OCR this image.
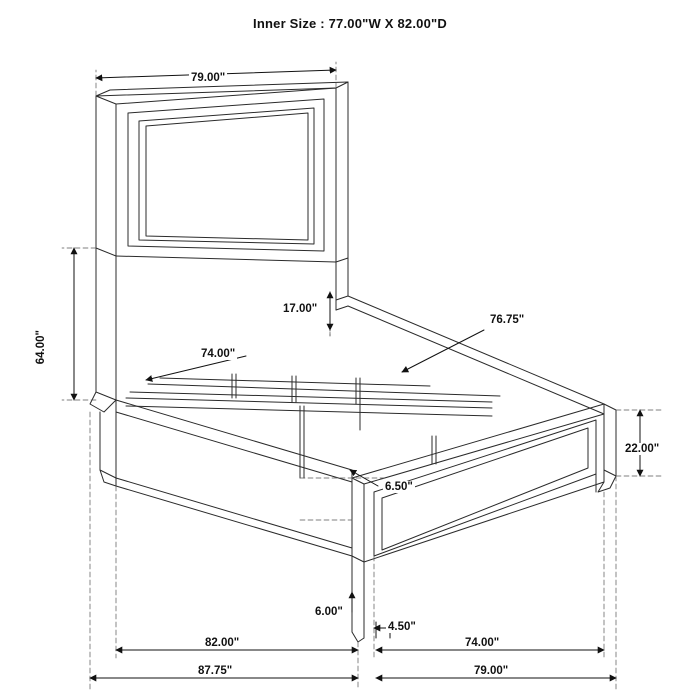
Inner Size : 77.00"W X 82.00"D
79.00"
64.00"
17.00"
74.00"
76.75"
22.00"
6.50"
6.00"
4.50"
82.00"	74.00"
87.75"	79.00"
